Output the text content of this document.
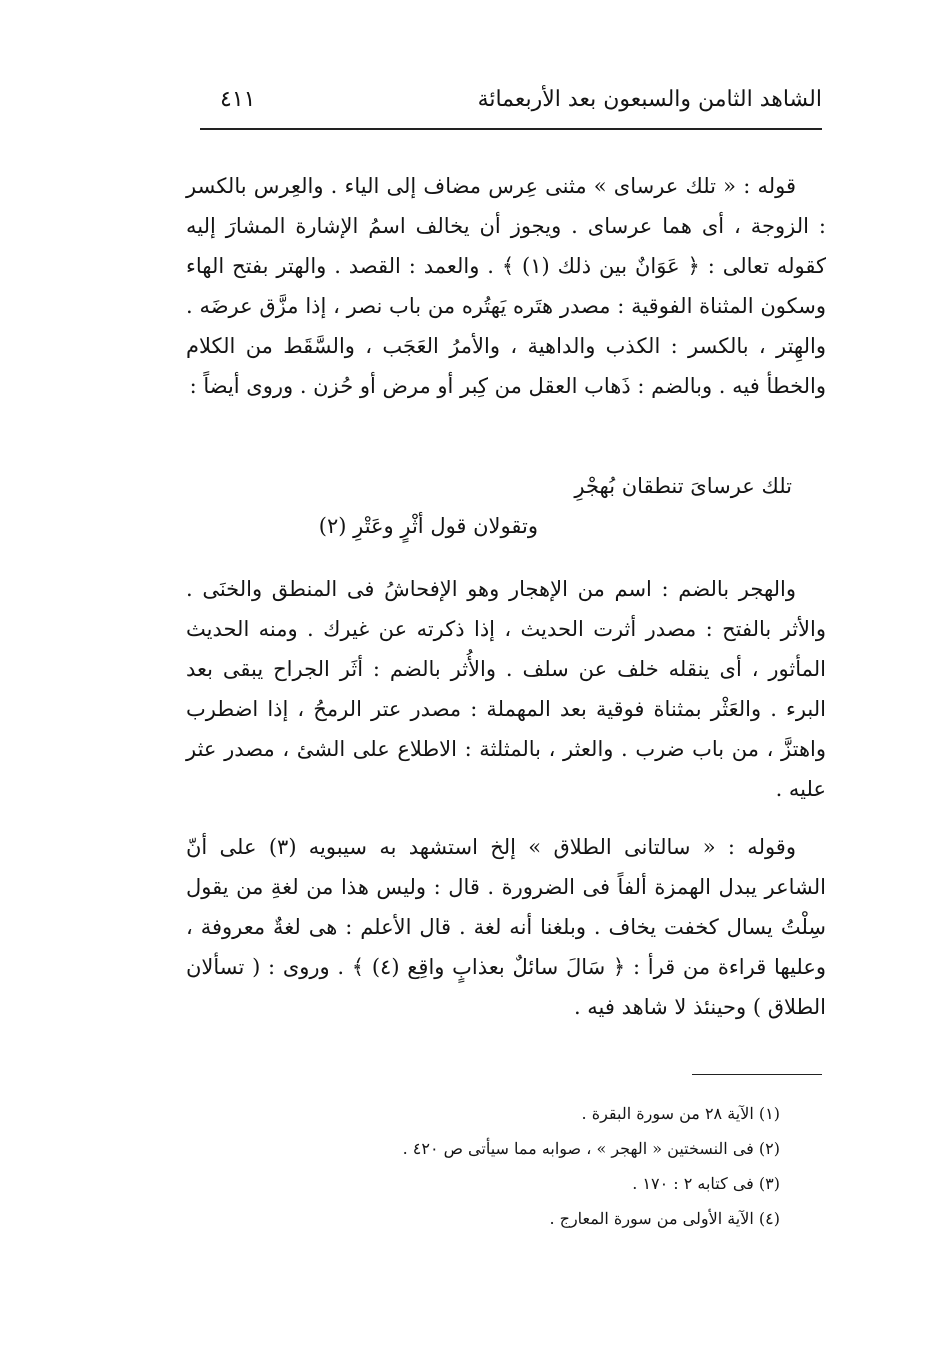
الشاهد الثامن والسبعون بعد الأربعمائة
٤١١

قوله : « تلك عرساى » مثنى عِرس مضاف إلى الياء . والعِرس بالكسر : الزوجة ، أى هما عرساى . ويجوز أن يخالف اسمُ الإشارة المشارَ إليه كقوله تعالى : ﴿ عَوَانٌ بين ذلك (١) ﴾ . والعمد : القصد . والهتر بفتح الهاء وسكون المثناة الفوقية : مصدر هتَره يَهتُره من باب نصر ، إذا مزَّق عرضَه . والهِتر ، بالكسر : الكذب والداهية ، والأمرُ العَجَب ، والسَّقَط من الكلام والخطأ فيه . وبالضم : ذَهاب العقل من كِبر أو مرض أو حُزن . وروى أيضاً :

تلك عرساىَ تنطقان بُهجْرِ
وتقولان قول أثْرٍ وعَتْرِ (٢)

والهجر بالضم : اسم من الإهجار وهو الإفحاشُ فى المنطق والخنَى . والأثر بالفتح : مصدر أثرت الحديث ، إذا ذكرته عن غيرك . ومنه الحديث المأثور ، أى ينقله خلف عن سلف . والأُثر بالضم : أثَر الجراح يبقى بعد البرء . والعَثْر بمثناة فوقية بعد المهملة : مصدر عتر الرمحُ ، إذا اضطرب واهتزَّ ، من باب ضرب . والعثر ، بالمثلثة : الاطلاع على الشئ ، مصدر عثر عليه .

وقوله : « سالتانى الطلاق » إلخ استشهد به سيبويه (٣) على أنّ الشاعر يبدل الهمزة ألفاً فى الضرورة . قال : وليس هذا من لغةِ من يقول سِلْتُ يسال كخفت يخاف . وبلغنا أنه لغة . قال الأعلم : هى لغةٌ معروفة ، وعليها قراءة من قرأ : ﴿ سَالَ سائلٌ بعذابٍ واقِع (٤) ﴾ . وروى : ( تسألان الطلاق ) وحينئذ لا شاهد فيه .

(١) الآية ٢٨ من سورة البقرة .
(٢) فى النسختين « الهجر » ، صوابه مما سيأتى ص ٤٢٠ .
(٣) فى كتابه ٢ : ١٧٠ .
(٤) الآية الأولى من سورة المعارج .
